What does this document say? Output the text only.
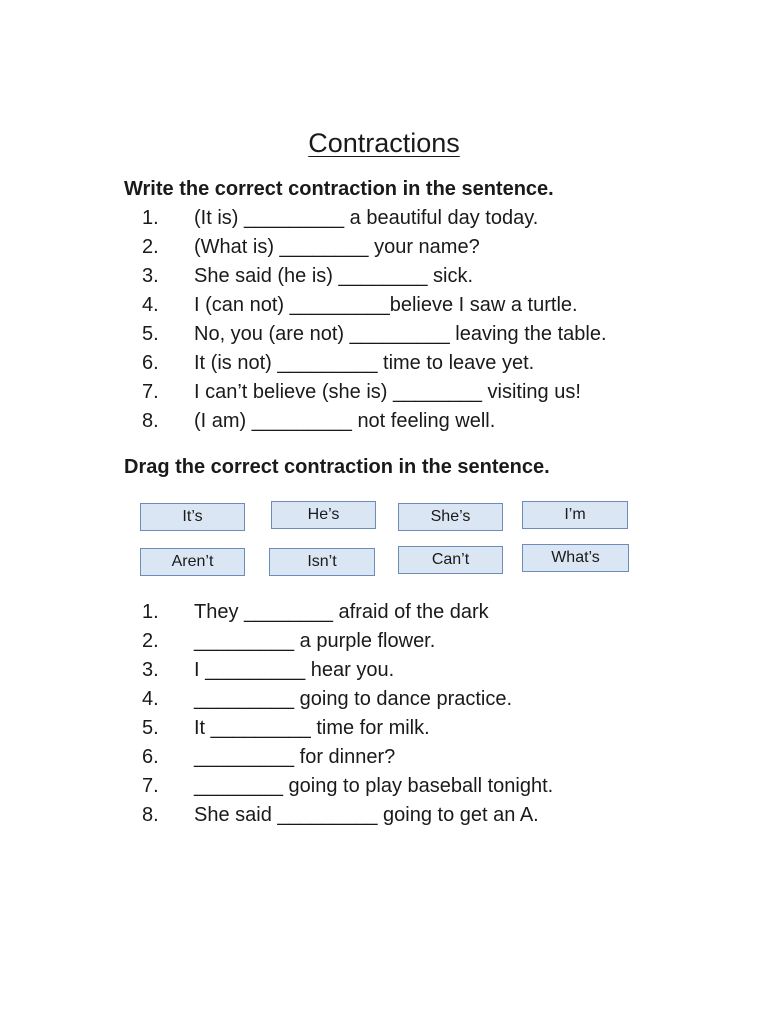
Contractions
Write the correct contraction in the sentence.
1. (It is) _________ a beautiful day today.
2. (What is) ________ your name?
3. She said (he is) ________ sick.
4. I (can not) _________believe I saw a turtle.
5. No, you (are not) _________ leaving the table.
6. It (is not) _________ time to leave yet.
7. I can’t believe (she is) ________ visiting us!
8. (I am) _________ not feeling well.
Drag the correct contraction in the sentence.
It’s	He’s	She’s	I’m
Aren’t	Isn’t	Can’t	What’s
1. They ________ afraid of the dark
2. _________ a purple flower.
3. I _________ hear you.
4. _________ going to dance practice.
5. It _________ time for milk.
6. _________ for dinner?
7. ________ going to play baseball tonight.
8. She said _________ going to get an A.
